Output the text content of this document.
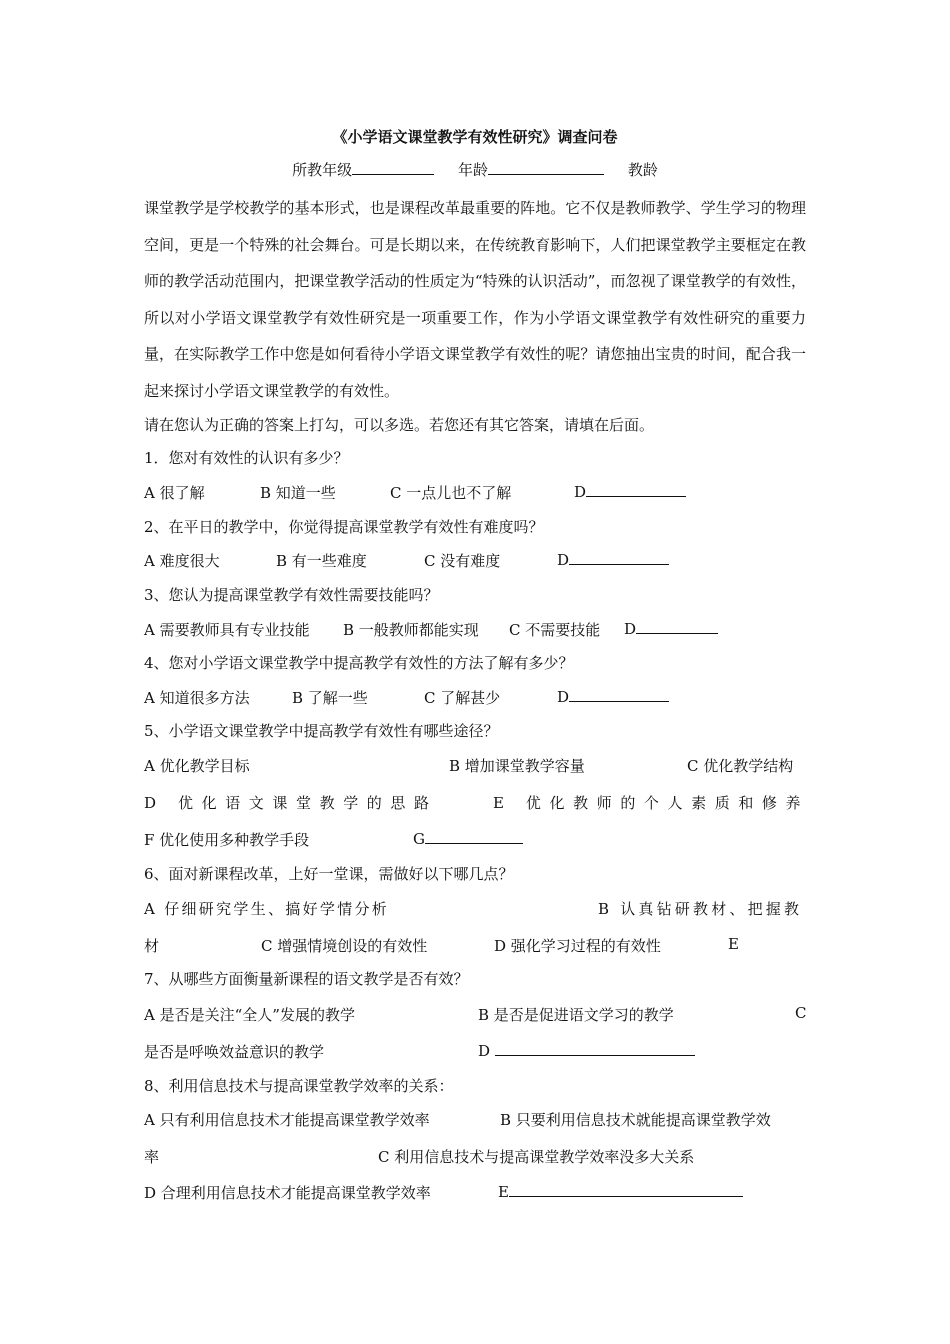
《小学语文课堂教学有效性研究》调查问卷
所教年级	年龄	教龄
课堂教学是学校教学的基本形式，也是课程改革最重要的阵地。它不仅是教师教学、学生学习的物理空间，更是一个特殊的社会舞台。可是长期以来，在传统教育影响下，人们把课堂教学主要框定在教师的教学活动范围内，把课堂教学活动的性质定为“特殊的认识活动”，而忽视了课堂教学的有效性，所以对小学语文课堂教学有效性研究是一项重要工作，作为小学语文课堂教学有效性研究的重要力量，在实际教学工作中您是如何看待小学语文课堂教学有效性的呢？请您抽出宝贵的时间，配合我一起来探讨小学语文课堂教学的有效性。
请在您认为正确的答案上打勾，可以多选。若您还有其它答案，请填在后面。
1．您对有效性的认识有多少？
A 很了解	B 知道一些	C 一点儿也不了解	D
2、在平日的教学中，你觉得提高课堂教学有效性有难度吗？
A 难度很大	B 有一些难度	C 没有难度	D
3、您认为提高课堂教学有效性需要技能吗？
A 需要教师具有专业技能 B 一般教师都能实现 C 不需要技能 D
4、您对小学语文课堂教学中提高教学有效性的方法了解有多少？
A 知道很多方法	B 了解一些	C 了解甚少	D
5、小学语文课堂教学中提高教学有效性有哪些途径？
A 优化教学目标	B 增加课堂教学容量	C 优化教学结构
D 优化语文课堂教学的思路	E 优化教师的个人素质和修养
F 优化使用多种教学手段	G
6、面对新课程改革，上好一堂课，需做好以下哪几点？
A 仔细研究学生、搞好学情分析	B 认真钻研教材、把握教
材	C 增强情境创设的有效性	D 强化学习过程的有效性	E
7、从哪些方面衡量新课程的语文教学是否有效？
A 是否是关注“全人”发展的教学	B 是否是促进语文学习的教学	C
是否是呼唤效益意识的教学	D
8、利用信息技术与提高课堂教学效率的关系：
A 只有利用信息技术才能提高课堂教学效率	B 只要利用信息技术就能提高课堂教学效
率	C 利用信息技术与提高课堂教学效率没多大关系
D 合理利用信息技术才能提高课堂教学效率	E
